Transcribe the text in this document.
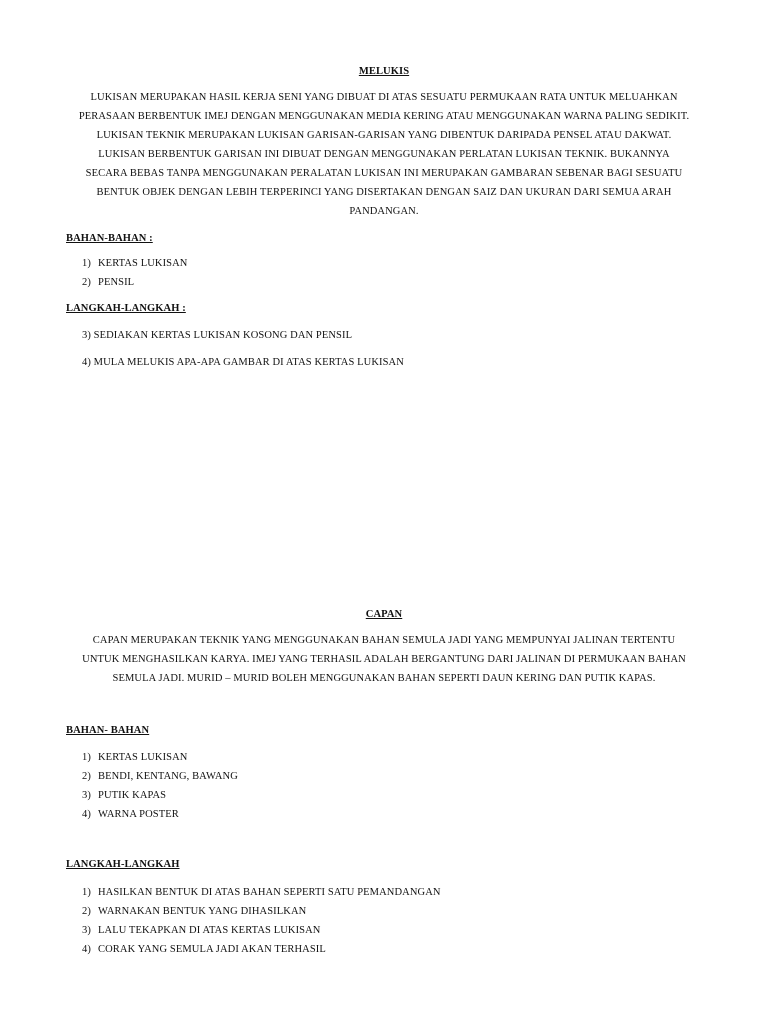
MELUKIS
LUKISAN MERUPAKAN HASIL KERJA SENI YANG DIBUAT DI ATAS SESUATU PERMUKAAN RATA UNTUK MELUAHKAN
PERASAAN BERBENTUK IMEJ DENGAN MENGGUNAKAN MEDIA KERING ATAU MENGGUNAKAN WARNA PALING SEDIKIT.
LUKISAN TEKNIK MERUPAKAN LUKISAN GARISAN-GARISAN YANG DIBENTUK DARIPADA PENSEL ATAU DAKWAT.
LUKISAN BERBENTUK GARISAN INI DIBUAT DENGAN MENGGUNAKAN PERLATAN LUKISAN TEKNIK. BUKANNYA
SECARA BEBAS TANPA MENGGUNAKAN PERALATAN LUKISAN INI MERUPAKAN GAMBARAN SEBENAR BAGI SESUATU
BENTUK OBJEK DENGAN LEBIH TERPERINCI YANG DISERTAKAN DENGAN SAIZ DAN UKURAN DARI SEMUA ARAH
PANDANGAN.
BAHAN-BAHAN :
1) KERTAS LUKISAN
2) PENSIL
LANGKAH-LANGKAH :
3) SEDIAKAN KERTAS LUKISAN KOSONG DAN PENSIL
4) MULA MELUKIS APA-APA GAMBAR DI ATAS KERTAS LUKISAN
CAPAN
CAPAN MERUPAKAN TEKNIK YANG MENGGUNAKAN BAHAN SEMULA JADI YANG MEMPUNYAI JALINAN TERTENTU
UNTUK MENGHASILKAN KARYA. IMEJ YANG TERHASIL ADALAH BERGANTUNG DARI JALINAN DI PERMUKAAN BAHAN
SEMULA JADI. MURID – MURID BOLEH MENGGUNAKAN BAHAN SEPERTI DAUN KERING DAN PUTIK KAPAS.
BAHAN- BAHAN
1) KERTAS LUKISAN
2) BENDI, KENTANG, BAWANG
3) PUTIK KAPAS
4) WARNA POSTER
LANGKAH-LANGKAH
1) HASILKAN BENTUK DI ATAS BAHAN SEPERTI SATU PEMANDANGAN
2) WARNAKAN BENTUK YANG DIHASILKAN
3) LALU TEKAPKAN DI ATAS KERTAS LUKISAN
4) CORAK YANG SEMULA JADI AKAN TERHASIL
